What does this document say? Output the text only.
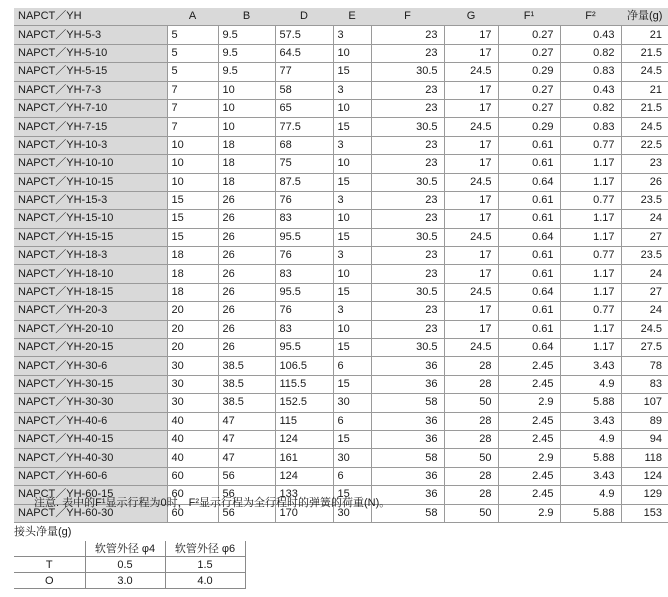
NAPCT／YH	A	B	D	E	F	G	F¹	F²	净量(g)
NAPCT／YH-5-3	5	9.5	57.5	3	23	17	0.27	0.43	21
NAPCT／YH-5-10	5	9.5	64.5	10	23	17	0.27	0.82	21.5
NAPCT／YH-5-15	5	9.5	77	15	30.5	24.5	0.29	0.83	24.5
NAPCT／YH-7-3	7	10	58	3	23	17	0.27	0.43	21
NAPCT／YH-7-10	7	10	65	10	23	17	0.27	0.82	21.5
NAPCT／YH-7-15	7	10	77.5	15	30.5	24.5	0.29	0.83	24.5
NAPCT／YH-10-3	10	18	68	3	23	17	0.61	0.77	22.5
NAPCT／YH-10-10	10	18	75	10	23	17	0.61	1.17	23
NAPCT／YH-10-15	10	18	87.5	15	30.5	24.5	0.64	1.17	26
NAPCT／YH-15-3	15	26	76	3	23	17	0.61	0.77	23.5
NAPCT／YH-15-10	15	26	83	10	23	17	0.61	1.17	24
NAPCT／YH-15-15	15	26	95.5	15	30.5	24.5	0.64	1.17	27
NAPCT／YH-18-3	18	26	76	3	23	17	0.61	0.77	23.5
NAPCT／YH-18-10	18	26	83	10	23	17	0.61	1.17	24
NAPCT／YH-18-15	18	26	95.5	15	30.5	24.5	0.64	1.17	27
NAPCT／YH-20-3	20	26	76	3	23	17	0.61	0.77	24
NAPCT／YH-20-10	20	26	83	10	23	17	0.61	1.17	24.5
NAPCT／YH-20-15	20	26	95.5	15	30.5	24.5	0.64	1.17	27.5
NAPCT／YH-30-6	30	38.5	106.5	6	36	28	2.45	3.43	78
NAPCT／YH-30-15	30	38.5	115.5	15	36	28	2.45	4.9	83
NAPCT／YH-30-30	30	38.5	152.5	30	58	50	2.9	5.88	107
NAPCT／YH-40-6	40	47	115	6	36	28	2.45	3.43	89
NAPCT／YH-40-15	40	47	124	15	36	28	2.45	4.9	94
NAPCT／YH-40-30	40	47	161	30	58	50	2.9	5.88	118
NAPCT／YH-60-6	60	56	124	6	36	28	2.45	3.43	124
NAPCT／YH-60-15	60	56	133	15	36	28	2.45	4.9	129
NAPCT／YH-60-30	60	56	170	30	58	50	2.9	5.88	153
注意. 表中的F¹显示行程为0时，F²显示行程为全行程时的弹簧的荷重(N)。
接头净量(g)
	软管外径 φ4	软管外径 φ6
T	0.5	1.5
O	3.0	4.0
